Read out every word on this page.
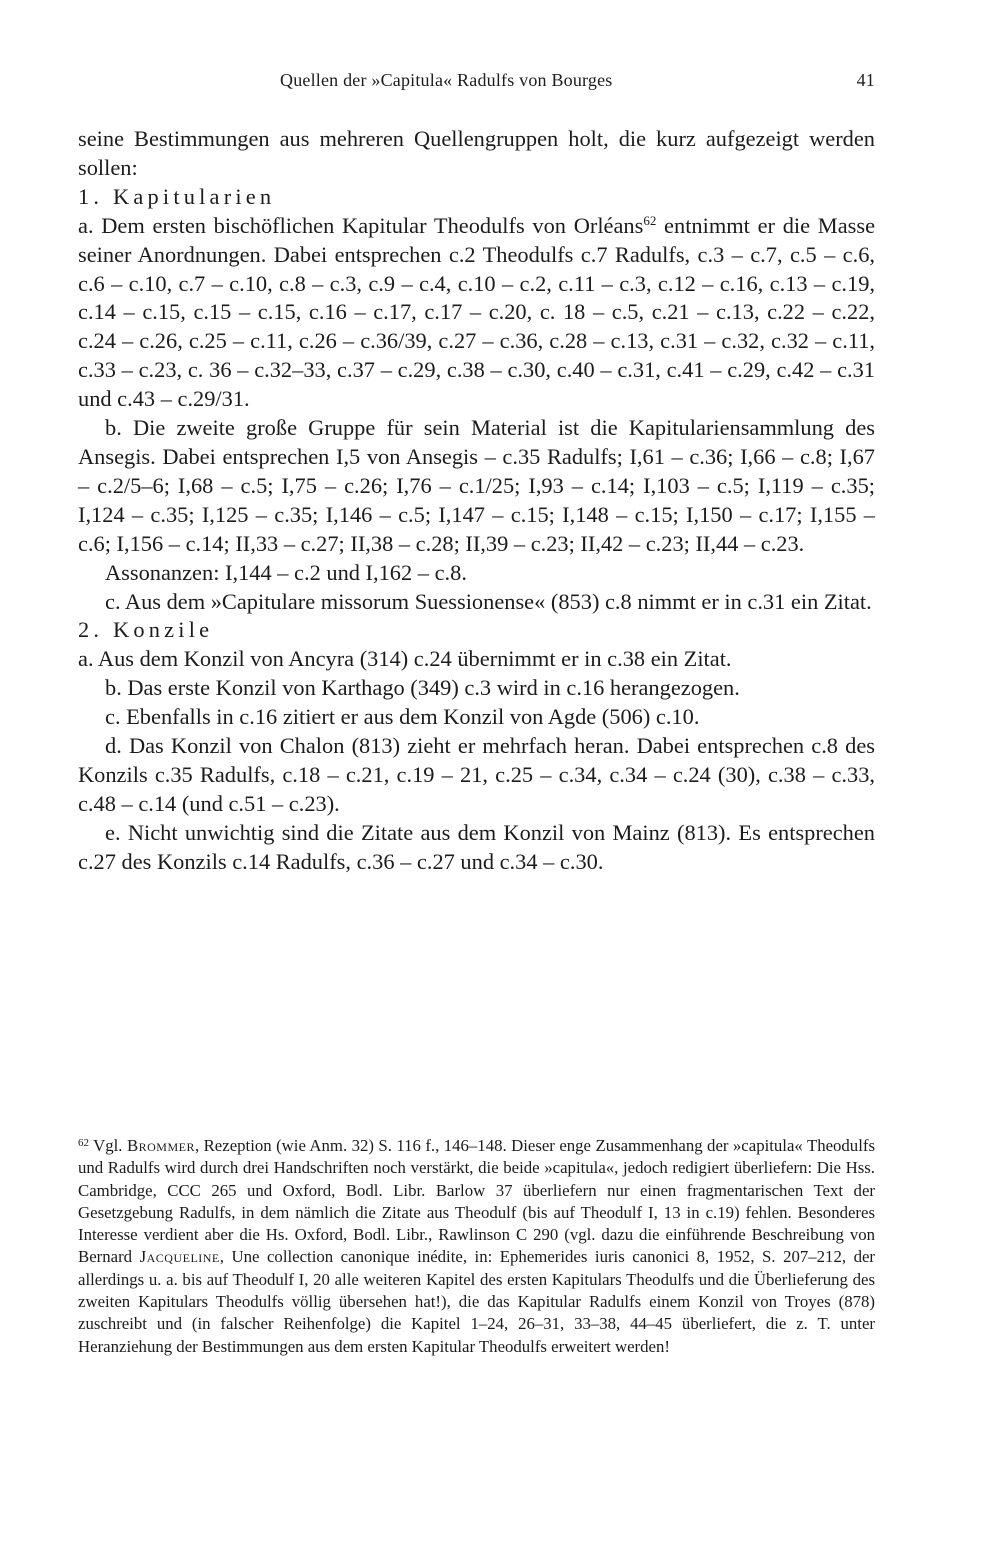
Quellen der »Capitula« Radulfs von Bourges	41

seine Bestimmungen aus mehreren Quellengruppen holt, die kurz aufgezeigt werden sollen:

1. Kapitularien

a. Dem ersten bischöflichen Kapitular Theodulfs von Orléans$^{62}$ entnimmt er die Masse seiner Anordnungen. Dabei entsprechen c.2 Theodulfs c.7 Radulfs, c.3 – c.7, c.5 – c.6, c.6 – c.10, c.7 – c.10, c.8 – c.3, c.9 – c.4, c.10 – c.2, c.11 – c.3, c.12 – c.16, c.13 – c.19, c.14 – c.15, c.15 – c.15, c.16 – c.17, c.17 – c.20, c. 18 – c.5, c.21 – c.13, c.22 – c.22, c.24 – c.26, c.25 – c.11, c.26 – c.36/39, c.27 – c.36, c.28 – c.13, c.31 – c.32, c.32 – c.11, c.33 – c.23, c. 36 – c.32–33, c.37 – c.29, c.38 – c.30, c.40 – c.31, c.41 – c.29, c.42 – c.31 und c.43 – c.29/31.

b. Die zweite große Gruppe für sein Material ist die Kapitulariensammlung des Ansegis. Dabei entsprechen I,5 von Ansegis – c.35 Radulfs; I,61 – c.36; I,66 – c.8; I,67 – c.2/5–6; I,68 – c.5; I,75 – c.26; I,76 – c.1/25; I,93 – c.14; I,103 – c.5; I,119 – c.35; I,124 – c.35; I,125 – c.35; I,146 – c.5; I,147 – c.15; I,148 – c.15; I,150 – c.17; I,155 – c.6; I,156 – c.14; II,33 – c.27; II,38 – c.28; II,39 – c.23; II,42 – c.23; II,44 – c.23.

Assonanzen: I,144 – c.2 und I,162 – c.8.

c. Aus dem »Capitulare missorum Suessionense« (853) c.8 nimmt er in c.31 ein Zitat.

2. Konzile

a. Aus dem Konzil von Ancyra (314) c.24 übernimmt er in c.38 ein Zitat.

b. Das erste Konzil von Karthago (349) c.3 wird in c.16 herangezogen.

c. Ebenfalls in c.16 zitiert er aus dem Konzil von Agde (506) c.10.

d. Das Konzil von Chalon (813) zieht er mehrfach heran. Dabei entsprechen c.8 des Konzils c.35 Radulfs, c.18 – c.21, c.19 – 21, c.25 – c.34, c.34 – c.24 (30), c.38 – c.33, c.48 – c.14 (und c.51 – c.23).

e. Nicht unwichtig sind die Zitate aus dem Konzil von Mainz (813). Es entsprechen c.27 des Konzils c.14 Radulfs, c.36 – c.27 und c.34 – c.30.

$^{62}$ Vgl. Brommer, Rezeption (wie Anm. 32) S. 116 f., 146–148. Dieser enge Zusammenhang der »capitula« Theodulfs und Radulfs wird durch drei Handschriften noch verstärkt, die beide »capitula«, jedoch redigiert überliefern: Die Hss. Cambridge, CCC 265 und Oxford, Bodl. Libr. Barlow 37 überliefern nur einen fragmentarischen Text der Gesetzgebung Radulfs, in dem nämlich die Zitate aus Theodulf (bis auf Theodulf I, 13 in c.19) fehlen. Besonderes Interesse verdient aber die Hs. Oxford, Bodl. Libr., Rawlinson C 290 (vgl. dazu die einführende Beschreibung von Bernard Jacqueline, Une collection canonique inédite, in: Ephemerides iuris canonici 8, 1952, S. 207–212, der allerdings u. a. bis auf Theodulf I, 20 alle weiteren Kapitel des ersten Kapitulars Theodulfs und die Überlieferung des zweiten Kapitulars Theodulfs völlig übersehen hat!), die das Kapitular Radulfs einem Konzil von Troyes (878) zuschreibt und (in falscher Reihenfolge) die Kapitel 1–24, 26–31, 33–38, 44–45 überliefert, die z. T. unter Heranziehung der Bestimmungen aus dem ersten Kapitular Theodulfs erweitert werden!
